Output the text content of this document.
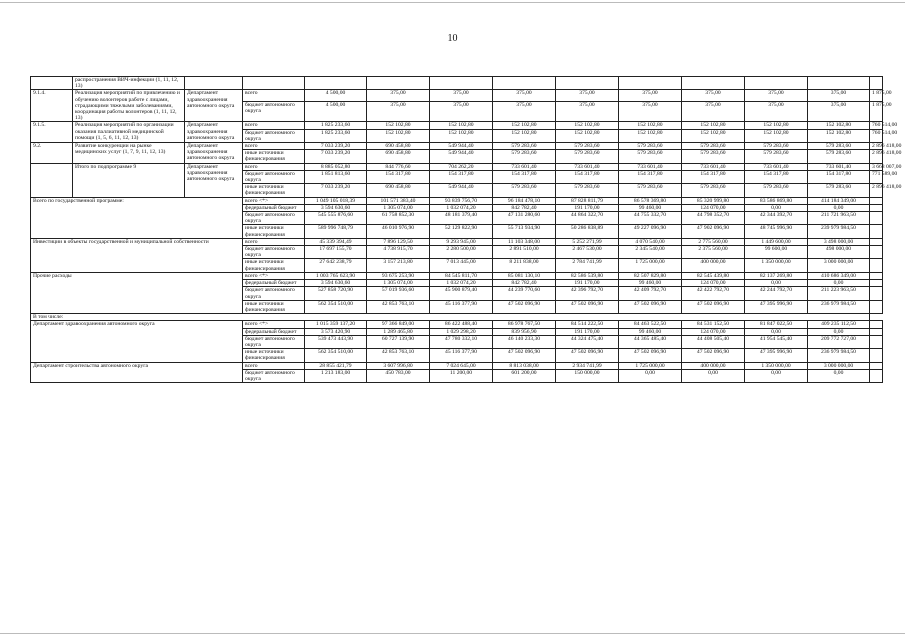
10
	распространения ВИЧ-инфекции (1, 11, 12, 13)												
9.1.4.	Реализация мероприятий по привлечению и обучению волонтеров работе с лицами, страдающими тяжелыми заболеваниями, координация работы волонтеров (1, 11, 12, 13)	Департамент здравоохранения автономного округа	всего	4 500,00	375,00	375,00	375,00	375,00	375,00	375,00	375,00	375,00	1 875,00
			бюджет автономного округа	4 500,00	375,00	375,00	375,00	375,00	375,00	375,00	375,00	375,00	1 875,00
9.1.5.	Реализация мероприятий по организации оказания паллиативной медицинской помощи (1, 5, 6, 11, 12, 13)	Департамент здравоохранения автономного округа	всего	1 825 233,60	152 102,80	152 102,80	152 102,80	152 102,80	152 102,80	152 102,80	152 102,80	152 102,80	760 514,00
			бюджет автономного округа	1 825 233,60	152 102,80	152 102,80	152 102,80	152 102,80	152 102,80	152 102,80	152 102,80	152 102,80	760 514,00
9.2.	Развитие конкуренции на рынке медицинских услуг (1, 7, 9, 11, 12, 13)	Департамент здравоохранения автономного округа	всего	7 033 239,20	690 458,80	549 944,40	579 283,60	579 283,60	579 283,60	579 283,60	579 283,60	579 283,60	2 896 418,00
			иные источники финансирования	7 033 239,20	690 458,80	549 944,40	579 283,60	579 283,60	579 283,60	579 283,60	579 283,60	579 283,60	2 896 418,00
	Итого по подпрограмме 9	Департамент здравоохранения автономного округа	всего	8 885 052,80	844 776,60	704 262,20	733 601,40	733 601,40	733 601,40	733 601,40	733 601,40	733 601,40	3 668 007,00
			бюджет автономного округа	1 851 813,60	154 317,80	154 317,80	154 317,80	154 317,80	154 317,80	154 317,80	154 317,80	154 317,80	771 589,00
			иные источники финансирования	7 033 239,20	690 458,80	549 944,40	579 283,60	579 283,60	579 283,60	579 283,60	579 283,60	579 283,60	2 896 418,00
Всего по государственной программе:			всего <*>	1 049 105 018,39	101 571 383,40	93 839 756,70	96 184 478,10	87 828 811,79	86 578 369,80	85 320 999,80	83 586 869,80	414 184 349,00	
			федеральный бюджет	3 594 630,60	1 305 074,00	1 032 074,20	842 782,40	191 170,00	99 460,00	124 070,00	0,00	0,00	
			бюджет автономного округа	545 555 876,60	61 758 852,30	48 181 379,40	47 131 280,60	44 864 322,70	44 755 332,70	44 798 352,70	42 344 392,70	211 721 963,50	
			иные источники финансирования	589 996 748,79	46 010 976,90	52 129 822,90	55 713 934,90	50 286 838,89	49 227 096,90	47 902 096,90	48 745 996,90	239 979 984,50	
Инвестиции в объекты государственной и муниципальной собственности			всего	45 339 394,49	7 896 129,50	9 293 945,00	11 103 348,00	5 252 271,99	4 070 540,00	2 775 560,00	1 449 600,00	3 498 000,00	
			бюджет автономного округа	17 697 155,70	4 738 915,70	2 280 500,00	2 891 510,00	2 467 530,00	2 345 540,00	2 375 560,00	99 600,00	498 000,00	
			иные источники финансирования	27 642 238,79	3 157 213,80	7 013 445,00	8 211 838,00	2 784 741,99	1 725 000,00	400 000,00	1 350 000,00	3 000 000,00	
Прочие расходы			всего <*>	1 003 765 623,90	93 675 253,90	84 545 811,70	85 081 130,10	82 586 539,80	82 507 829,80	82 545 439,80	82 137 269,80	410 686 349,00	
			федеральный бюджет	3 594 630,60	1 305 074,00	1 032 074,20	842 782,40	191 170,00	99 460,00	124 070,00	0,00	0,00	
			бюджет автономного округа	527 858 720,90	57 019 936,60	45 900 879,40	44 239 770,60	42 396 792,70	42 409 792,70	42 422 792,70	42 244 792,70	211 223 963,50	
			иные источники финансирования	562 354 510,00	42 853 763,10	45 116 377,90	47 502 096,90	47 502 096,90	47 502 096,90	47 502 096,90	47 395 996,90	236 979 984,50	
В том числе:													
Департамент здравоохранения автономного округа			всего <*>	1 015 359 137,20	97 366 849,00	86 422 488,40	86 978 767,50	84 514 222,50	84 463 522,50	84 531 152,50	81 847 022,50	409 235 112,50	
			федеральный бюджет	3 573 420,90	1 289 465,80	1 029 298,20	839 956,90	191 170,00	99 460,00	124 070,00	0,00	0,00	
			бюджет автономного округа	539 473 443,90	60 727 139,90	47 780 332,10	46 140 233,30	44 324 475,40	44 365 485,40	44 408 505,40	41 954 545,40	209 772 727,00	
			иные источники финансирования	562 354 510,00	42 853 763,10	45 116 377,90	47 502 096,90	47 502 096,90	47 502 096,90	47 502 096,90	47 395 996,90	236 979 984,50	
Департамент строительства автономного округа			всего	28 855 421,79	3 607 996,80	7 024 645,00	8 813 038,00	2 934 741,99	1 725 000,00	400 000,00	1 350 000,00	3 000 000,00	
			бюджет автономного округа	1 213 183,00	450 783,00	11 200,00	601 200,00	150 000,00	0,00	0,00	0,00	0,00	
